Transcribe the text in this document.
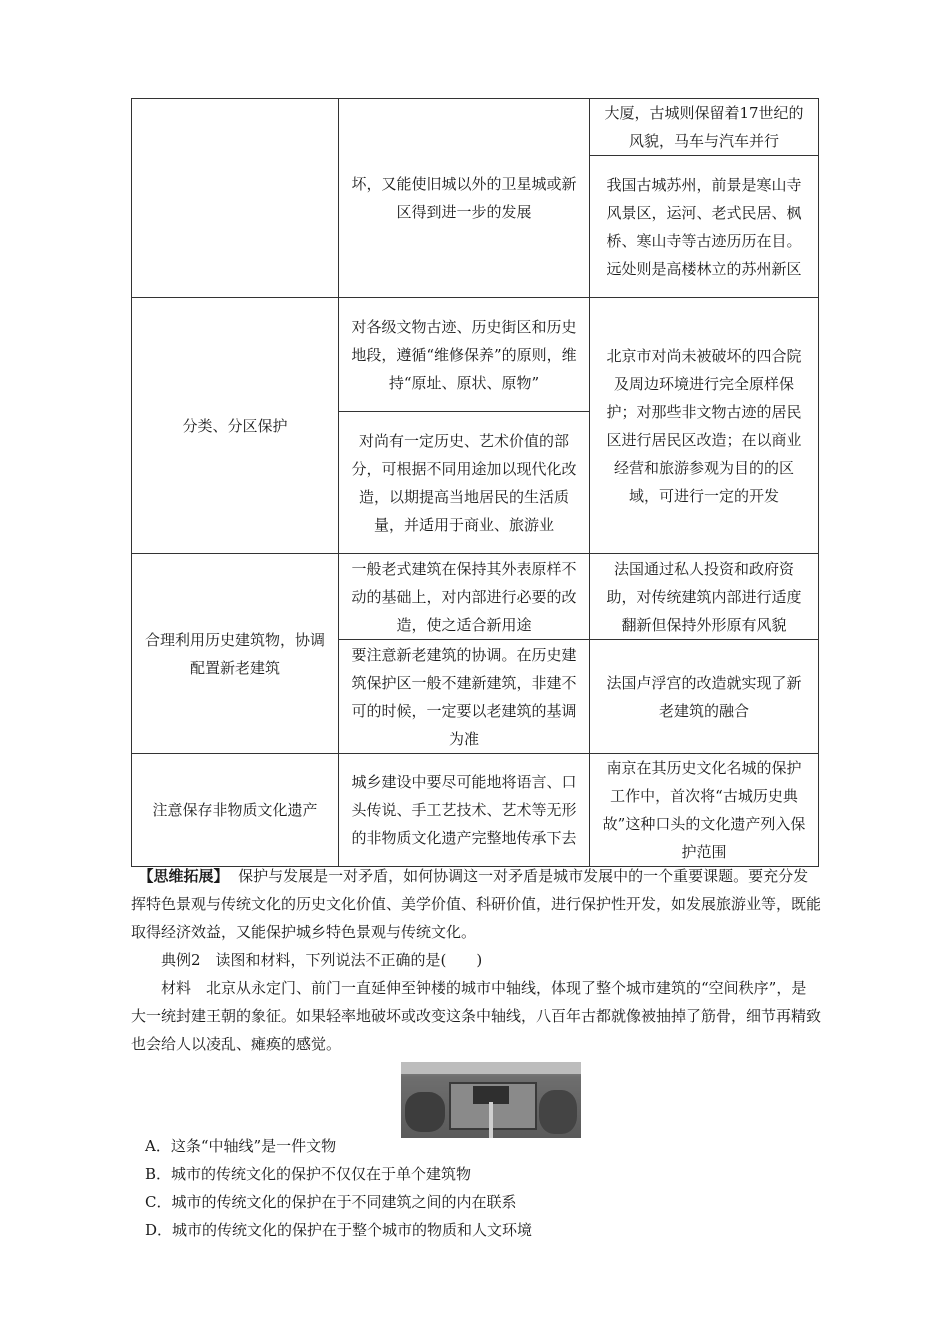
	坏，又能使旧城以外的卫星城或新区得到进一步的发展	大厦，古城则保留着17世纪的风貌，马车与汽车并行
		我国古城苏州，前景是寒山寺风景区，运河、老式民居、枫桥、寒山寺等古迹历历在目。远处则是高楼林立的苏州新区
分类、分区保护	对各级文物古迹、历史街区和历史地段，遵循“维修保养”的原则，维持“原址、原状、原物”	北京市对尚未被破坏的四合院及周边环境进行完全原样保护；对那些非文物古迹的居民区进行居民区改造；在以商业经营和旅游参观为目的的区域，可进行一定的开发
	对尚有一定历史、艺术价值的部分，可根据不同用途加以现代化改造，以期提高当地居民的生活质量，并适用于商业、旅游业	
合理利用历史建筑物，协调配置新老建筑	一般老式建筑在保持其外表原样不动的基础上，对内部进行必要的改造，使之适合新用途	法国通过私人投资和政府资助，对传统建筑内部进行适度翻新但保持外形原有风貌
	要注意新老建筑的协调。在历史建筑保护区一般不建新建筑，非建不可的时候，一定要以老建筑的基调为准	法国卢浮宫的改造就实现了新老建筑的融合
注意保存非物质文化遗产	城乡建设中要尽可能地将语言、口头传说、手工艺技术、艺术等无形的非物质文化遗产完整地传承下去	南京在其历史文化名城的保护工作中，首次将“古城历史典故”这种口头的文化遗产列入保护范围

【思维拓展】 保护与发展是一对矛盾，如何协调这一对矛盾是城市发展中的一个重要课题。要充分发挥特色景观与传统文化的历史文化价值、美学价值、科研价值，进行保护性开发，如发展旅游业等，既能取得经济效益，又能保护城乡特色景观与传统文化。

典例2　读图和材料，下列说法不正确的是(　　)

材料　北京从永定门、前门一直延伸至钟楼的城市中轴线，体现了整个城市建筑的“空间秩序”，是大一统封建王朝的象征。如果轻率地破坏或改变这条中轴线，八百年古都就像被抽掉了筋骨，细节再精致也会给人以凌乱、瘫痪的感觉。

A．这条“中轴线”是一件文物
B．城市的传统文化的保护不仅仅在于单个建筑物
C．城市的传统文化的保护在于不同建筑之间的内在联系
D．城市的传统文化的保护在于整个城市的物质和人文环境
